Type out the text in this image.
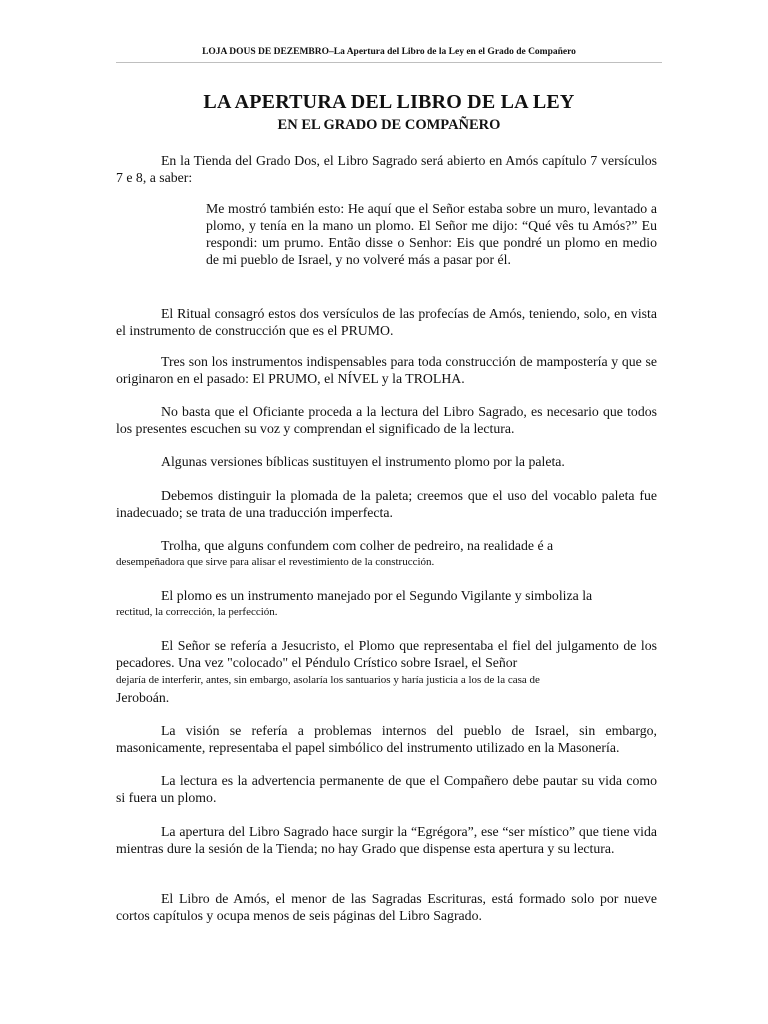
LOJA DOUS DE DEZEMBRO–La Apertura del Libro de la Ley en el Grado de Compañero
LA APERTURA DEL LIBRO DE LA LEY
EN EL GRADO DE COMPAÑERO

En la Tienda del Grado Dos, el Libro Sagrado será abierto en Amós capítulo 7 versículos 7 e 8, a saber:

Me mostró también esto: He aquí que el Señor estaba sobre un muro, levantado a plomo, y tenía en la mano un plomo. El Señor me dijo: “Qué vês tu Amós?” Eu respondi: um prumo. Então disse o Senhor: Eis que pondré un plomo en medio de mi pueblo de Israel, y no volveré más a pasar por él.

El Ritual consagró estos dos versículos de las profecías de Amós, teniendo, solo, en vista el instrumento de construcción que es el PRUMO.

Tres son los instrumentos indispensables para toda construcción de mampostería y que se originaron en el pasado: El PRUMO, el NÍVEL y la TROLHA.

No basta que el Oficiante proceda a la lectura del Libro Sagrado, es necesario que todos los presentes escuchen su voz y comprendan el significado de la lectura.

Algunas versiones bíblicas sustituyen el instrumento plomo por la paleta.

Debemos distinguir la plomada de la paleta; creemos que el uso del vocablo paleta fue inadecuado; se trata de una traducción imperfecta.

Trolha, que alguns confundem com colher de pedreiro, na realidade é a

desempeñadora que sirve para alisar el revestimiento de la construcción.

El plomo es un instrumento manejado por el Segundo Vigilante y simboliza la

rectitud, la corrección, la perfección.

El Señor se refería a Jesucristo, el Plomo que representaba el fiel del julgamento de los pecadores. Una vez "colocado" el Péndulo Crístico sobre Israel, el Señor

dejaría de interferir, antes, sin embargo, asolaría los santuarios y haría justicia a los de la casa de

Jeroboán.

La visión se refería a problemas internos del pueblo de Israel, sin embargo, masonicamente, representaba el papel simbólico del instrumento utilizado en la Masonería.

La lectura es la advertencia permanente de que el Compañero debe pautar su vida como si fuera un plomo.

La apertura del Libro Sagrado hace surgir la “Egrégora”, ese “ser místico” que tiene vida mientras dure la sesión de la Tienda; no hay Grado que dispense esta apertura y su lectura.

El Libro de Amós, el menor de las Sagradas Escrituras, está formado solo por nueve cortos capítulos y ocupa menos de seis páginas del Libro Sagrado.
